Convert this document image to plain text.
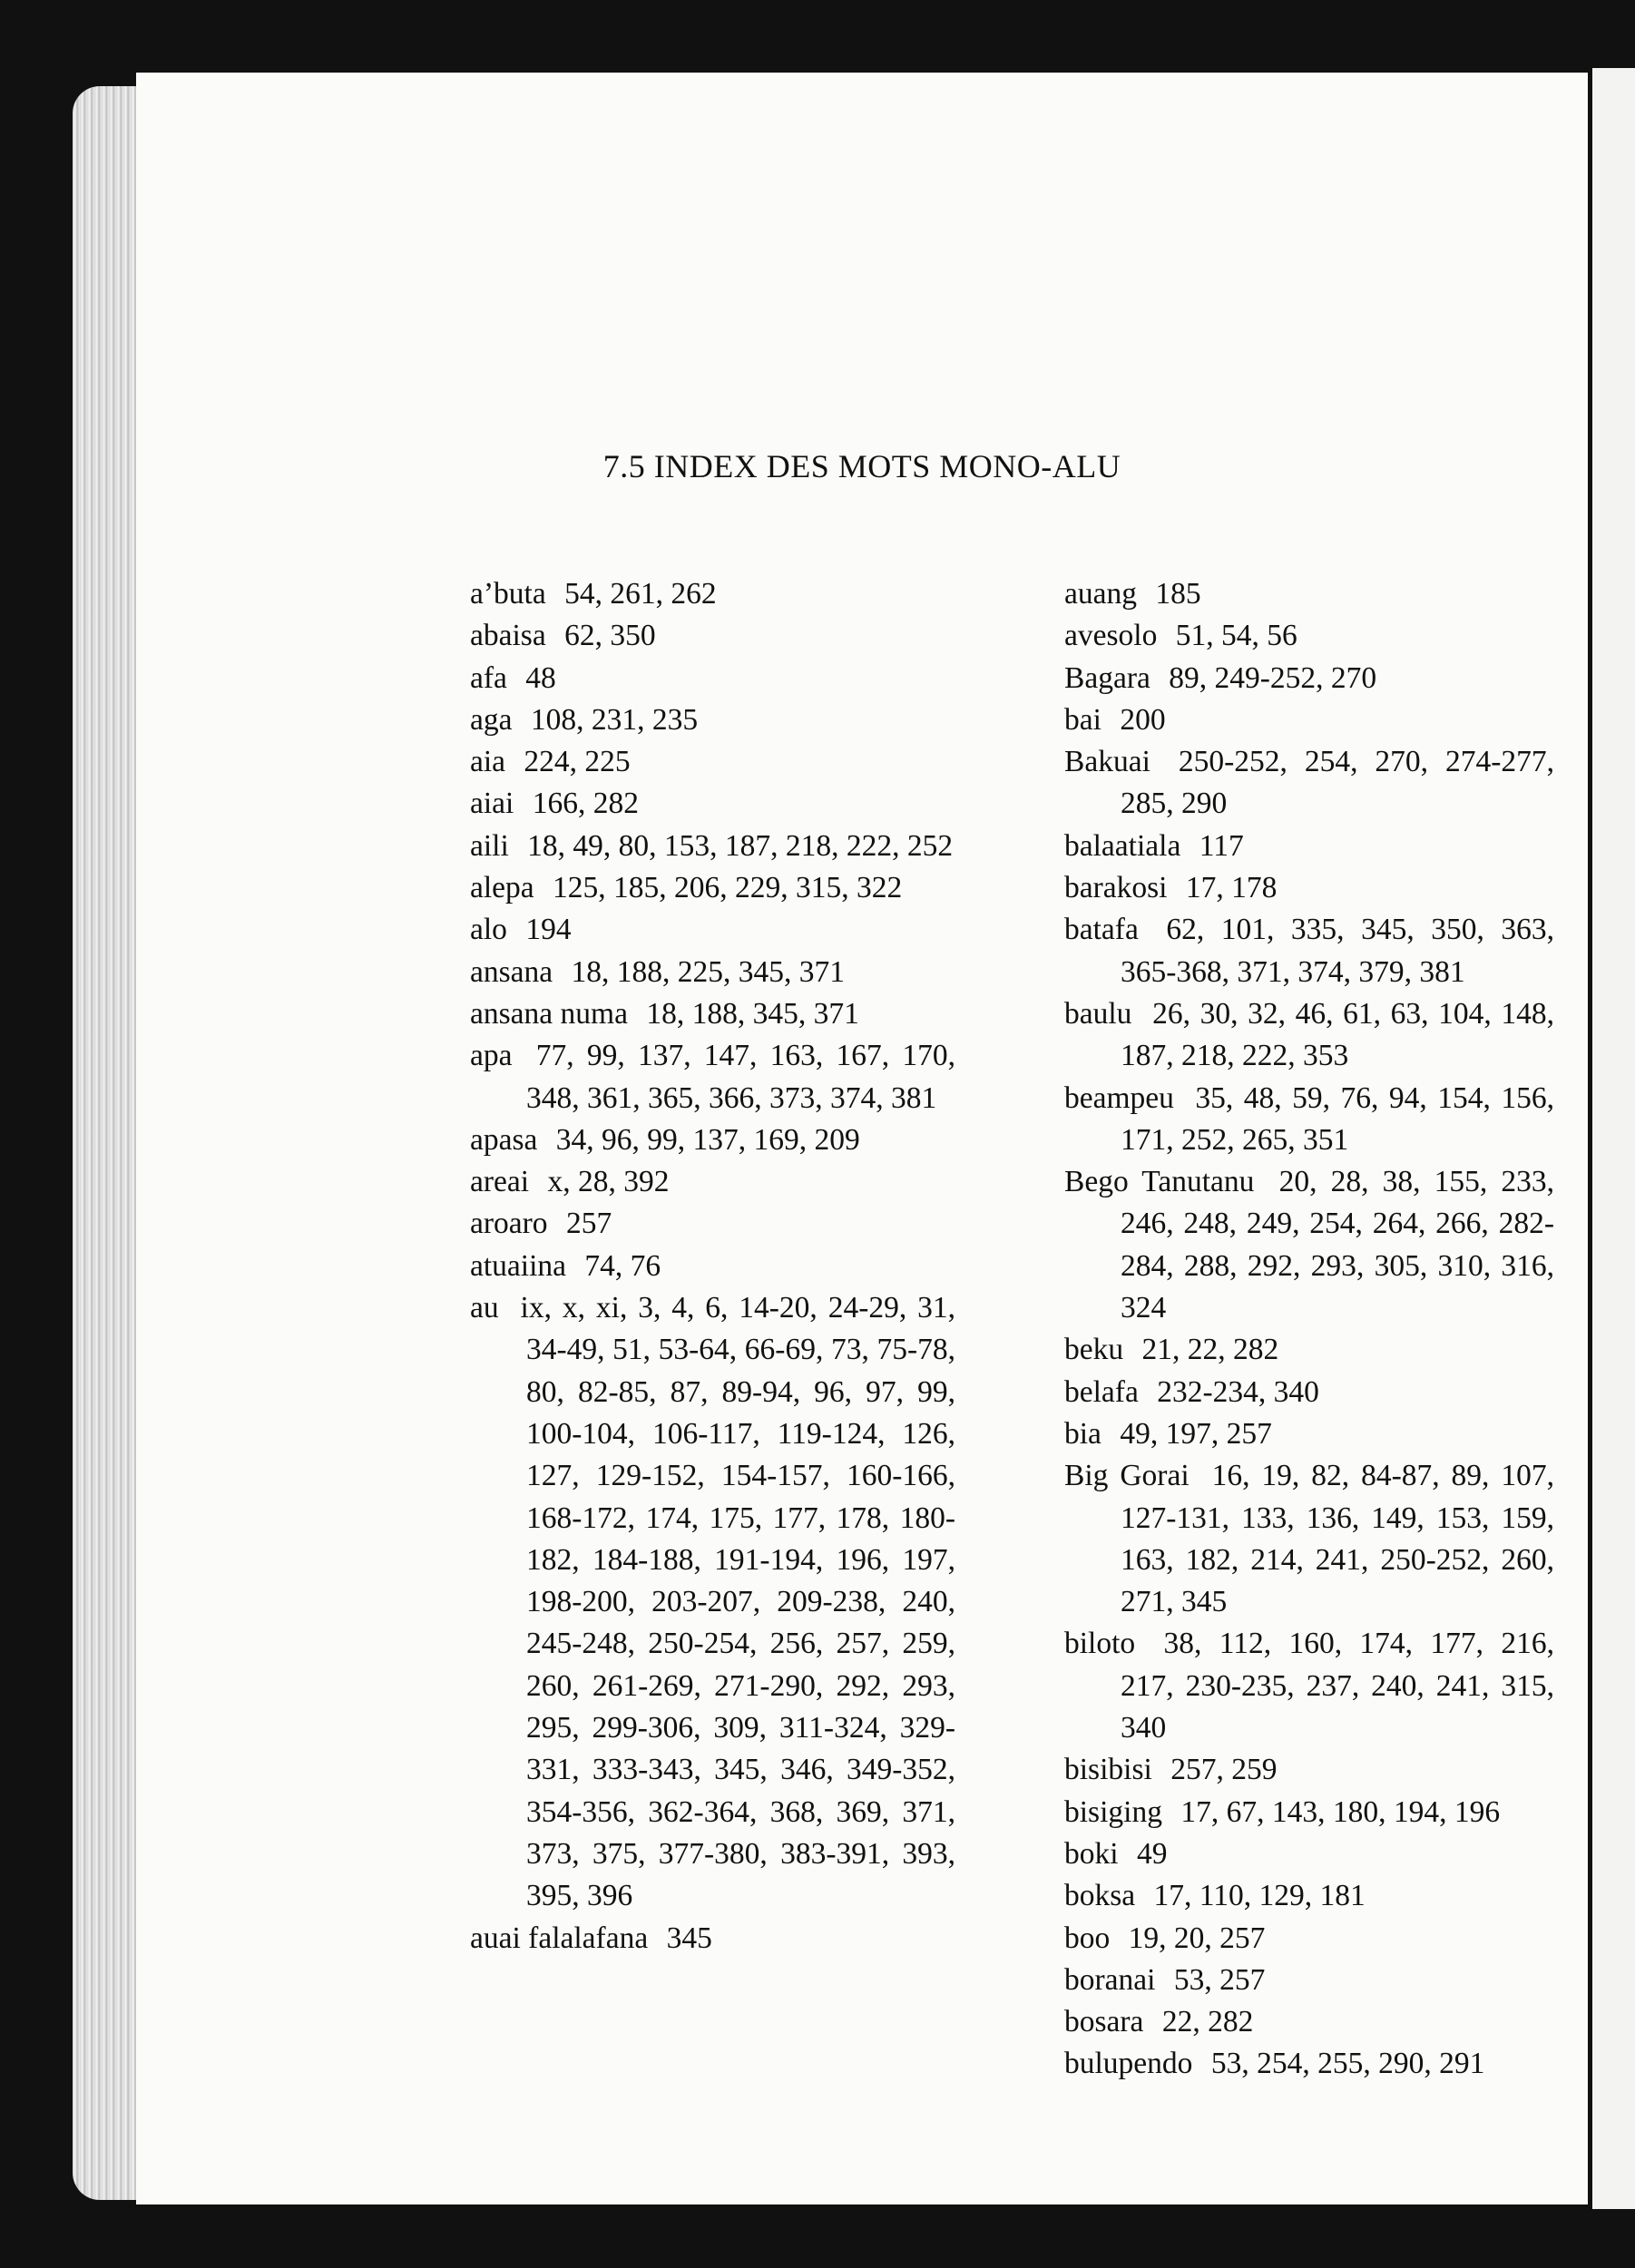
7.5 INDEX DES MOTS MONO-ALU
a’buta 54, 261, 262
abaisa 62, 350
afa 48
aga 108, 231, 235
aia 224, 225
aiai 166, 282
aili 18, 49, 80, 153, 187, 218, 222, 252
alepa 125, 185, 206, 229, 315, 322
alo 194
ansana 18, 188, 225, 345, 371
ansana numa 18, 188, 345, 371
apa 77, 99, 137, 147, 163, 167, 170, 348, 361, 365, 366, 373, 374, 381
apasa 34, 96, 99, 137, 169, 209
areai x, 28, 392
aroaro 257
atuaiina 74, 76
au ix, x, xi, 3, 4, 6, 14-20, 24-29, 31, 34-49, 51, 53-64, 66-69, 73, 75-78, 80, 82-85, 87, 89-94, 96, 97, 99, 100-104, 106-117, 119-124, 126, 127, 129-152, 154-157, 160-166, 168-172, 174, 175, 177, 178, 180-182, 184-188, 191-194, 196, 197, 198-200, 203-207, 209-238, 240, 245-248, 250-254, 256, 257, 259, 260, 261-269, 271-290, 292, 293, 295, 299-306, 309, 311-324, 329-331, 333-343, 345, 346, 349-352, 354-356, 362-364, 368, 369, 371, 373, 375, 377-380, 383-391, 393, 395, 396
auai falalafana 345
auang 185
avesolo 51, 54, 56
Bagara 89, 249-252, 270
bai 200
Bakuai 250-252, 254, 270, 274-277, 285, 290
balaatiala 117
barakosi 17, 178
batafa 62, 101, 335, 345, 350, 363, 365-368, 371, 374, 379, 381
baulu 26, 30, 32, 46, 61, 63, 104, 148, 187, 218, 222, 353
beampeu 35, 48, 59, 76, 94, 154, 156, 171, 252, 265, 351
Bego Tanutanu 20, 28, 38, 155, 233, 246, 248, 249, 254, 264, 266, 282-284, 288, 292, 293, 305, 310, 316, 324
beku 21, 22, 282
belafa 232-234, 340
bia 49, 197, 257
Big Gorai 16, 19, 82, 84-87, 89, 107, 127-131, 133, 136, 149, 153, 159, 163, 182, 214, 241, 250-252, 260, 271, 345
biloto 38, 112, 160, 174, 177, 216, 217, 230-235, 237, 240, 241, 315, 340
bisibisi 257, 259
bisiging 17, 67, 143, 180, 194, 196
boki 49
boksa 17, 110, 129, 181
boo 19, 20, 257
boranai 53, 257
bosara 22, 282
bulupendo 53, 254, 255, 290, 291
